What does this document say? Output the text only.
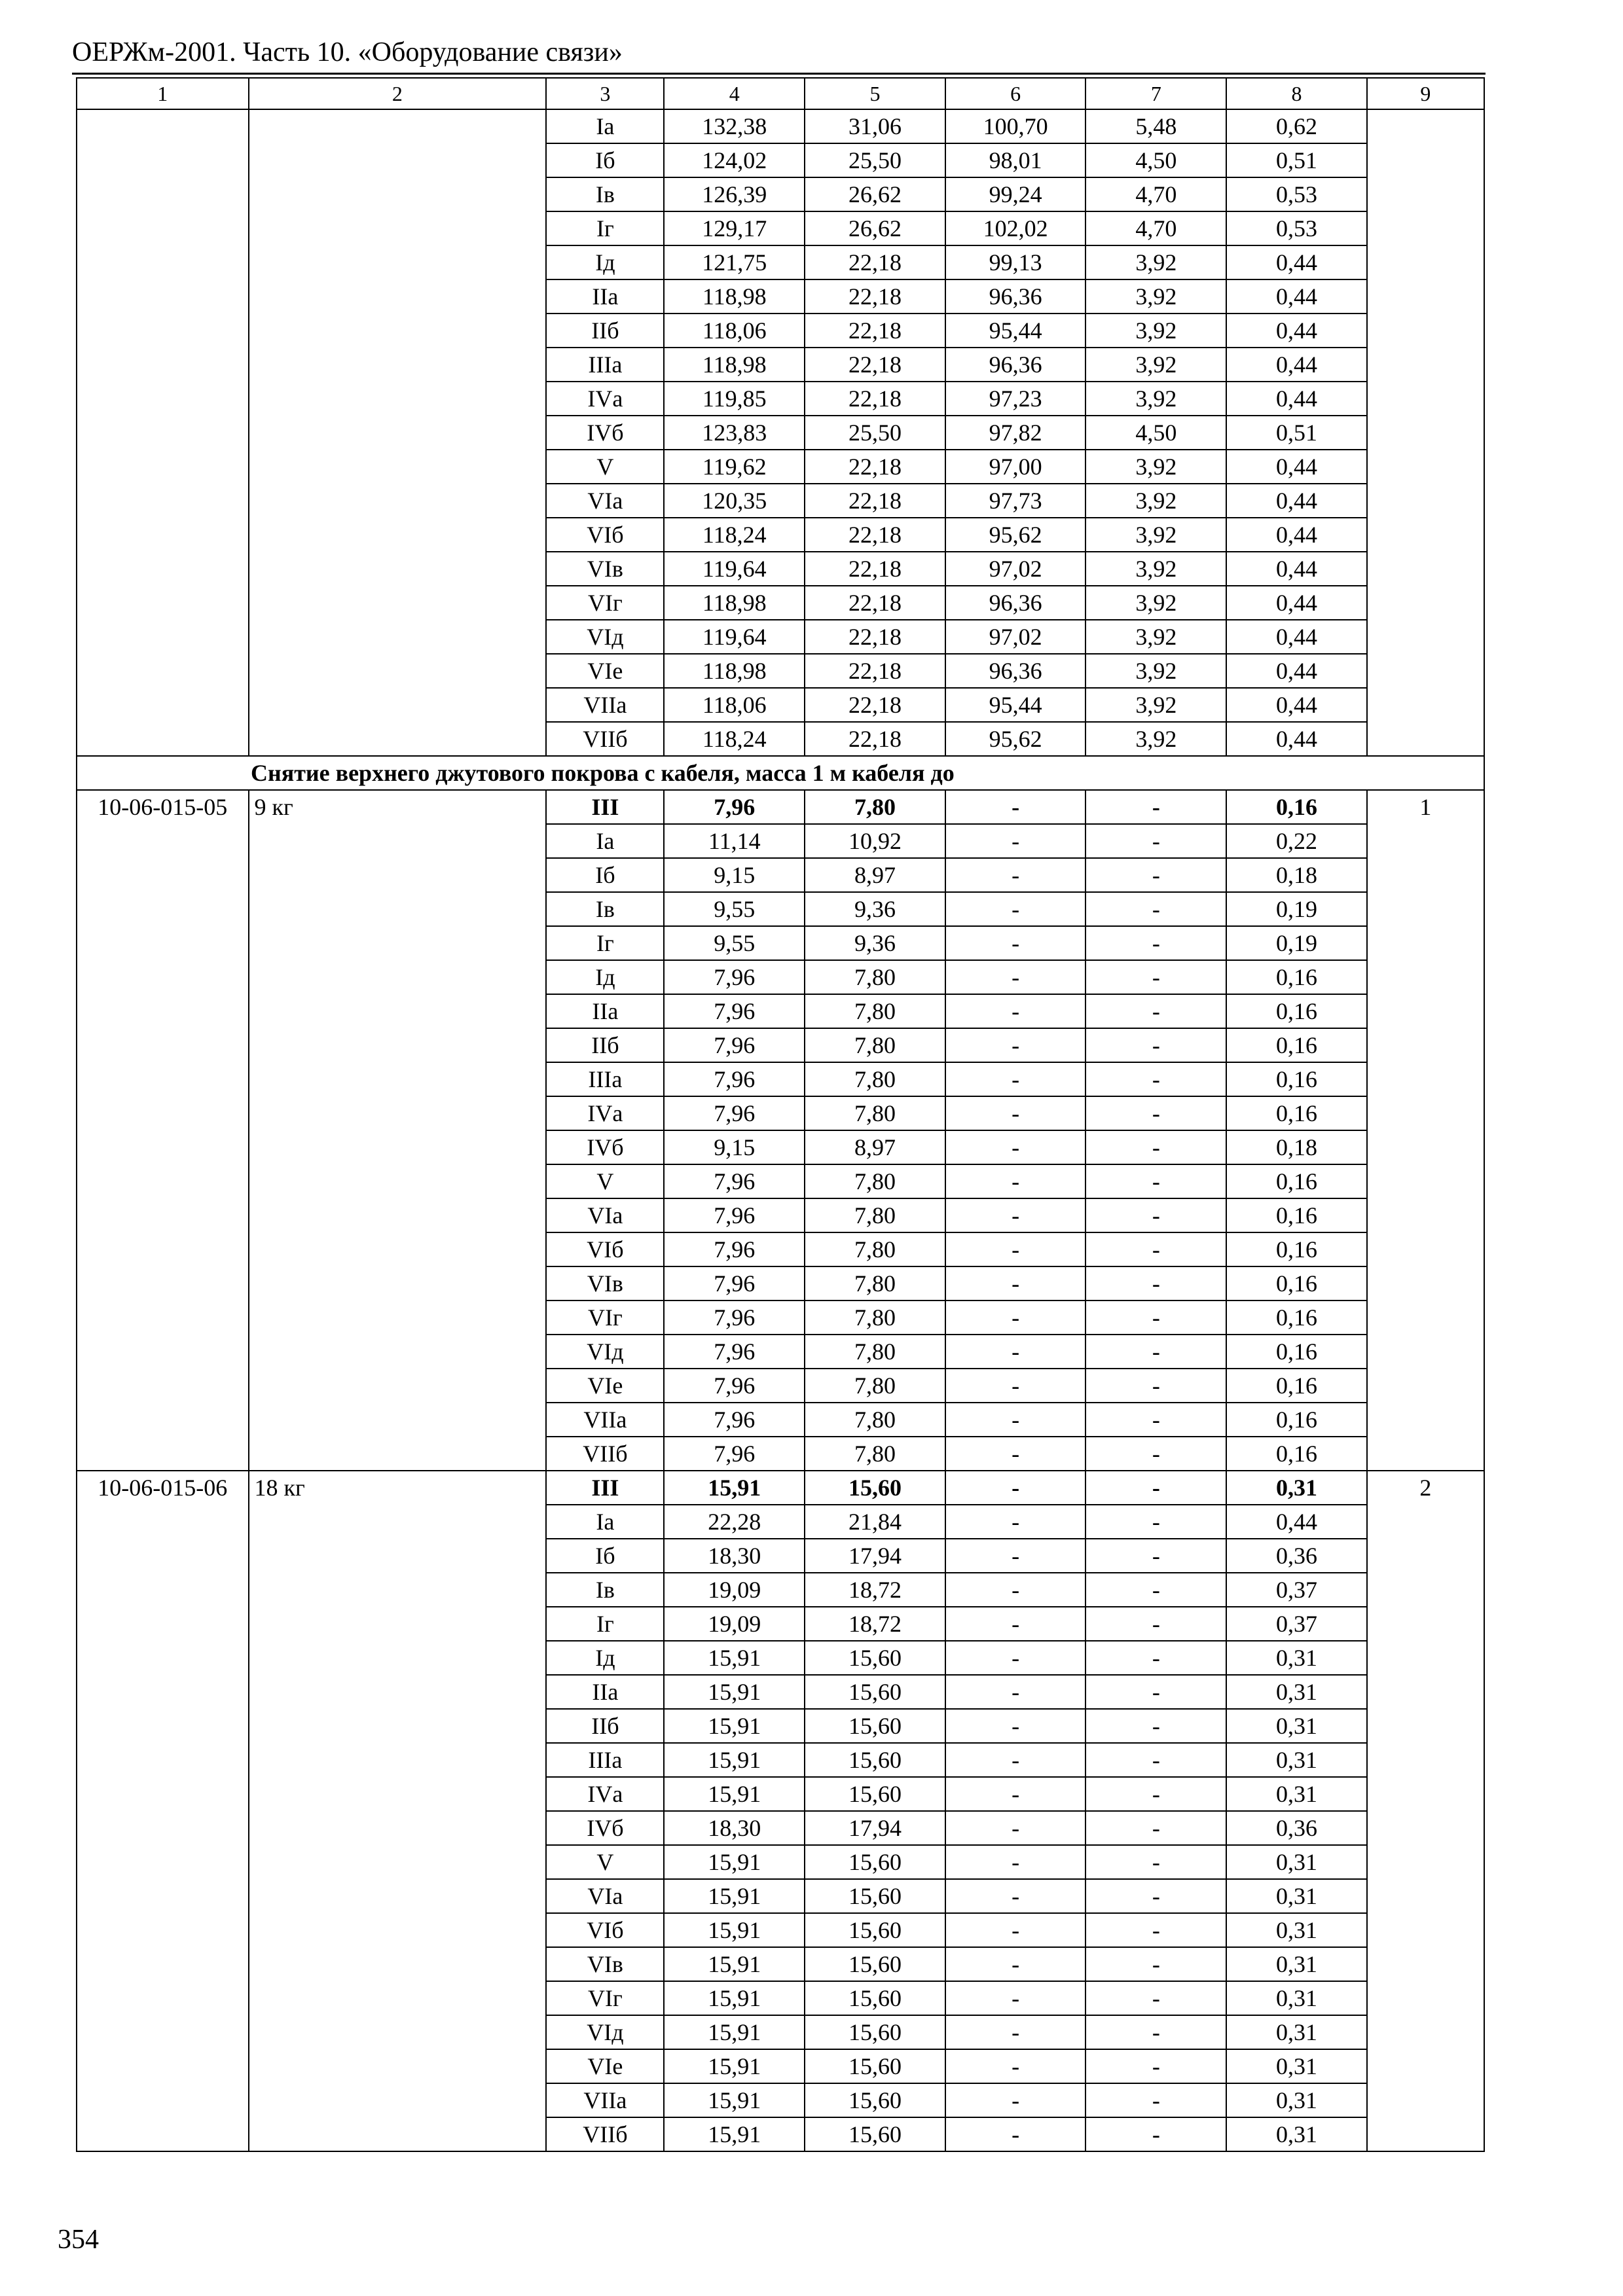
ОЕРЖм-2001. Часть 10. «Оборудование связи»
1	2	3	4	5	6	7	8	9
		Iа	132,38	31,06	100,70	5,48	0,62	
		Iб	124,02	25,50	98,01	4,50	0,51	
		Iв	126,39	26,62	99,24	4,70	0,53	
		Iг	129,17	26,62	102,02	4,70	0,53	
		Iд	121,75	22,18	99,13	3,92	0,44	
		IIа	118,98	22,18	96,36	3,92	0,44	
		IIб	118,06	22,18	95,44	3,92	0,44	
		IIIа	118,98	22,18	96,36	3,92	0,44	
		IVа	119,85	22,18	97,23	3,92	0,44	
		IVб	123,83	25,50	97,82	4,50	0,51	
		V	119,62	22,18	97,00	3,92	0,44	
		VIа	120,35	22,18	97,73	3,92	0,44	
		VIб	118,24	22,18	95,62	3,92	0,44	
		VIв	119,64	22,18	97,02	3,92	0,44	
		VIг	118,98	22,18	96,36	3,92	0,44	
		VIд	119,64	22,18	97,02	3,92	0,44	
		VIе	118,98	22,18	96,36	3,92	0,44	
		VIIа	118,06	22,18	95,44	3,92	0,44	
		VIIб	118,24	22,18	95,62	3,92	0,44	
Снятие верхнего джутового покрова с кабеля, масса 1 м кабеля до								
10-06-015-05	9 кг	III	7,96	7,80	-	-	0,16	1
		Iа	11,14	10,92	-	-	0,22	
		Iб	9,15	8,97	-	-	0,18	
		Iв	9,55	9,36	-	-	0,19	
		Iг	9,55	9,36	-	-	0,19	
		Iд	7,96	7,80	-	-	0,16	
		IIа	7,96	7,80	-	-	0,16	
		IIб	7,96	7,80	-	-	0,16	
		IIIа	7,96	7,80	-	-	0,16	
		IVа	7,96	7,80	-	-	0,16	
		IVб	9,15	8,97	-	-	0,18	
		V	7,96	7,80	-	-	0,16	
		VIа	7,96	7,80	-	-	0,16	
		VIб	7,96	7,80	-	-	0,16	
		VIв	7,96	7,80	-	-	0,16	
		VIг	7,96	7,80	-	-	0,16	
		VIд	7,96	7,80	-	-	0,16	
		VIе	7,96	7,80	-	-	0,16	
		VIIа	7,96	7,80	-	-	0,16	
		VIIб	7,96	7,80	-	-	0,16	
10-06-015-06	18 кг	III	15,91	15,60	-	-	0,31	2
		Iа	22,28	21,84	-	-	0,44	
		Iб	18,30	17,94	-	-	0,36	
		Iв	19,09	18,72	-	-	0,37	
		Iг	19,09	18,72	-	-	0,37	
		Iд	15,91	15,60	-	-	0,31	
		IIа	15,91	15,60	-	-	0,31	
		IIб	15,91	15,60	-	-	0,31	
		IIIа	15,91	15,60	-	-	0,31	
		IVа	15,91	15,60	-	-	0,31	
		IVб	18,30	17,94	-	-	0,36	
		V	15,91	15,60	-	-	0,31	
		VIа	15,91	15,60	-	-	0,31	
		VIб	15,91	15,60	-	-	0,31	
		VIв	15,91	15,60	-	-	0,31	
		VIг	15,91	15,60	-	-	0,31	
		VIд	15,91	15,60	-	-	0,31	
		VIе	15,91	15,60	-	-	0,31	
		VIIа	15,91	15,60	-	-	0,31	
		VIIб	15,91	15,60	-	-	0,31	
354
